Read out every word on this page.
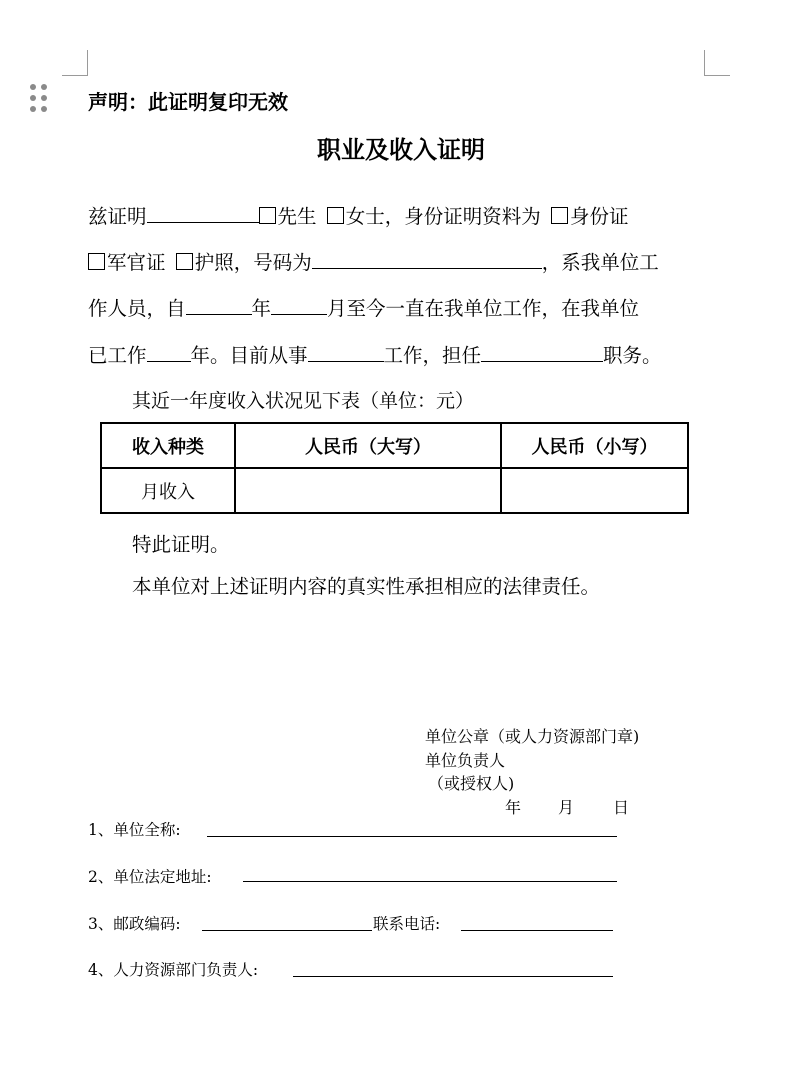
声明：此证明复印无效
职业及收入证明
兹证明	先生 女士，身份证明资料为 身份证
军官证 护照，号码为	，系我单位工
作人员，自	年	月至今一直在我单位工作，在我单位
已工作 年。目前从事	工作，担任	职务。
其近一年度收入状况见下表（单位：元）
收入种类	人民币（大写）	人民币（小写）
月收入		
特此证明。
本单位对上述证明内容的真实性承担相应的法律责任。
单位公章（或人力资源部门章)
单位负责人
（或授权人)
年 月 日
1、单位全称:
2、单位法定地址:
3、邮政编码:	联系电话:
4、人力资源部门负责人:
